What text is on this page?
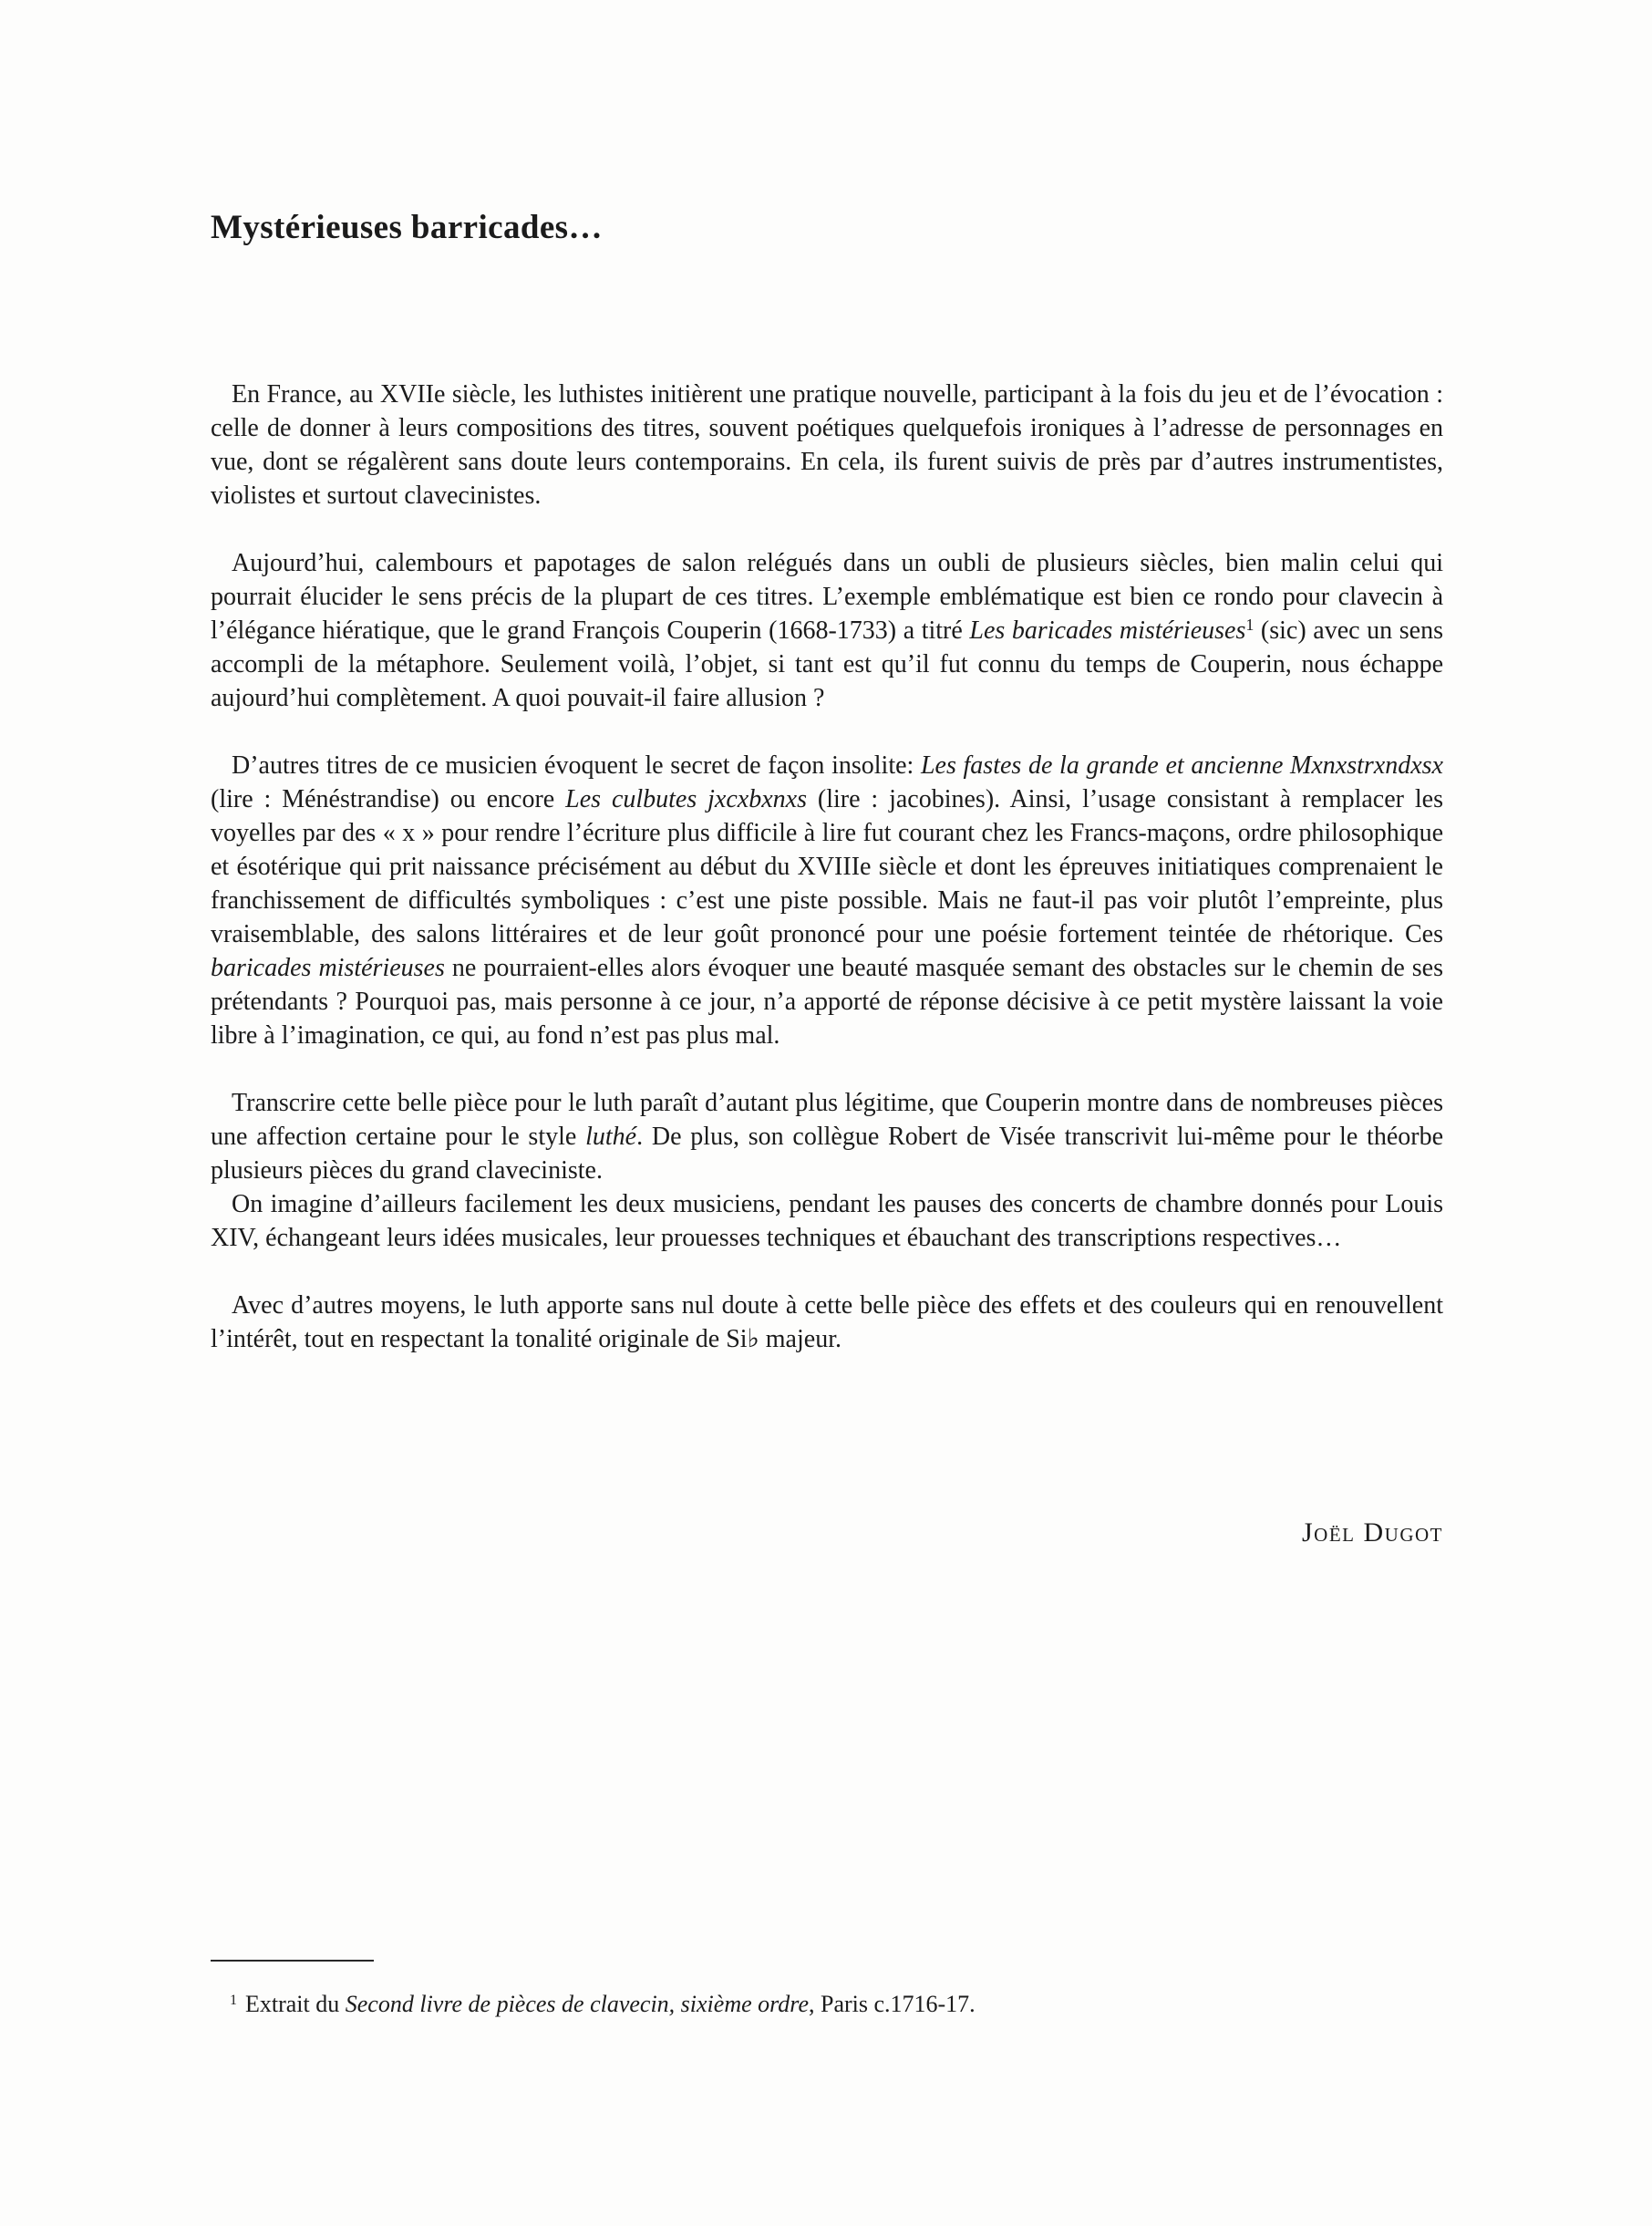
Mystérieuses barricades…

En France, au XVIIe siècle, les luthistes initièrent une pratique nouvelle, participant à la fois du jeu et de l’évocation : celle de donner à leurs compositions des titres, souvent poétiques quelquefois ironiques à l’adresse de personnages en vue, dont se régalèrent sans doute leurs contemporains. En cela, ils furent suivis de près par d’autres instrumentistes, violistes et surtout clavecinistes.

Aujourd’hui, calembours et papotages de salon relégués dans un oubli de plusieurs siècles, bien malin celui qui pourrait élucider le sens précis de la plupart de ces titres. L’exemple emblématique est bien ce rondo pour clavecin à l’élégance hiératique, que le grand François Couperin (1668-1733) a titré Les baricades mistérieuses$^1$ (sic) avec un sens accompli de la métaphore. Seulement voilà, l’objet, si tant est qu’il fut connu du temps de Couperin, nous échappe aujourd’hui complètement. A quoi pouvait-il faire allusion ?

D’autres titres de ce musicien évoquent le secret de façon insolite: Les fastes de la grande et ancienne Mxnxstrxndxsx (lire : Ménéstrandise) ou encore Les culbutes jxcxbxnxs (lire : jacobines). Ainsi, l’usage consistant à remplacer les voyelles par des « x » pour rendre l’écriture plus difficile à lire fut courant chez les Francs-maçons, ordre philosophique et ésotérique qui prit naissance précisément au début du XVIIIe siècle et dont les épreuves initiatiques comprenaient le franchissement de difficultés symboliques : c’est une piste possible. Mais ne faut-il pas voir plutôt l’empreinte, plus vraisemblable, des salons littéraires et de leur goût prononcé pour une poésie fortement teintée de rhétorique. Ces baricades mistérieuses ne pourraient-elles alors évoquer une beauté masquée semant des obstacles sur le chemin de ses prétendants ? Pourquoi pas, mais personne à ce jour, n’a apporté de réponse décisive à ce petit mystère laissant la voie libre à l’imagination, ce qui, au fond n’est pas plus mal.

Transcrire cette belle pièce pour le luth paraît d’autant plus légitime, que Couperin montre dans de nombreuses pièces une affection certaine pour le style luthé. De plus, son collègue Robert de Visée transcrivit lui-même pour le théorbe plusieurs pièces du grand claveciniste.

On imagine d’ailleurs facilement les deux musiciens, pendant les pauses des concerts de chambre donnés pour Louis XIV, échangeant leurs idées musicales, leur prouesses techniques et ébauchant des transcriptions respectives…

Avec d’autres moyens, le luth apporte sans nul doute à cette belle pièce des effets et des couleurs qui en renouvellent l’intérêt, tout en respectant la tonalité originale de Si♭ majeur.

Joël Dugot

$^1$ Extrait du Second livre de pièces de clavecin, sixième ordre, Paris c.1716-17.
